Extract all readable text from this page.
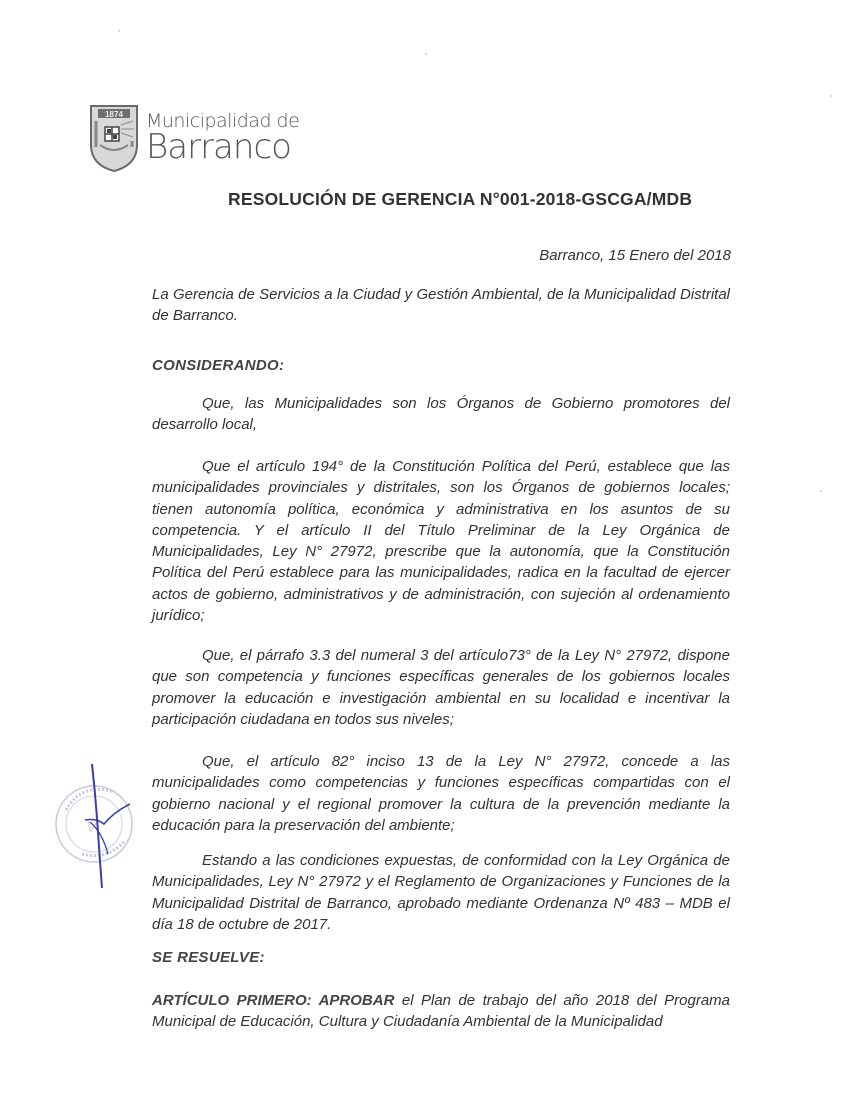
1874 Municipalidad de
Barranco
RESOLUCIÓN DE GERENCIA N°001-2018-GSCGA/MDB
Barranco, 15 Enero del 2018
La Gerencia de Servicios a la Ciudad y Gestión Ambiental, de la Municipalidad Distrital de Barranco.
CONSIDERANDO:
Que, las Municipalidades son los Órganos de Gobierno promotores del desarrollo local,
Que el artículo 194° de la Constitución Política del Perú, establece que las municipalidades provinciales y distritales, son los Órganos de gobiernos locales; tienen autonomía política, económica y administrativa en los asuntos de su competencia. Y el artículo II del Título Preliminar de la Ley Orgánica de Municipalidades, Ley N° 27972, prescribe que la autonomía, que la Constitución Política del Perú establece para las municipalidades, radica en la facultad de ejercer actos de gobierno, administrativos y de administración, con sujeción al ordenamiento jurídico;
Que, el párrafo 3.3 del numeral 3 del artículo73° de la Ley N° 27972, dispone que son competencia y funciones específicas generales de los gobiernos locales promover la educación e investigación ambiental en su localidad e incentivar la participación ciudadana en todos sus niveles;
Que, el artículo 82° inciso 13 de la Ley N° 27972, concede a las municipalidades como competencias y funciones específicas compartidas con el gobierno nacional y el regional promover la cultura de la prevención mediante la educación para la preservación del ambiente;
Estando a las condiciones expuestas, de conformidad con la Ley Orgánica de Municipalidades, Ley N° 27972 y el Reglamento de Organizaciones y Funciones de la Municipalidad Distrital de Barranco, aprobado mediante Ordenanza Nº 483 – MDB el día 18 de octubre de 2017.
SE RESUELVE:
ARTÍCULO PRIMERO: APROBAR el Plan de trabajo del año 2018 del Programa Municipal de Educación, Cultura y Ciudadanía Ambiental de la Municipalidad
V
